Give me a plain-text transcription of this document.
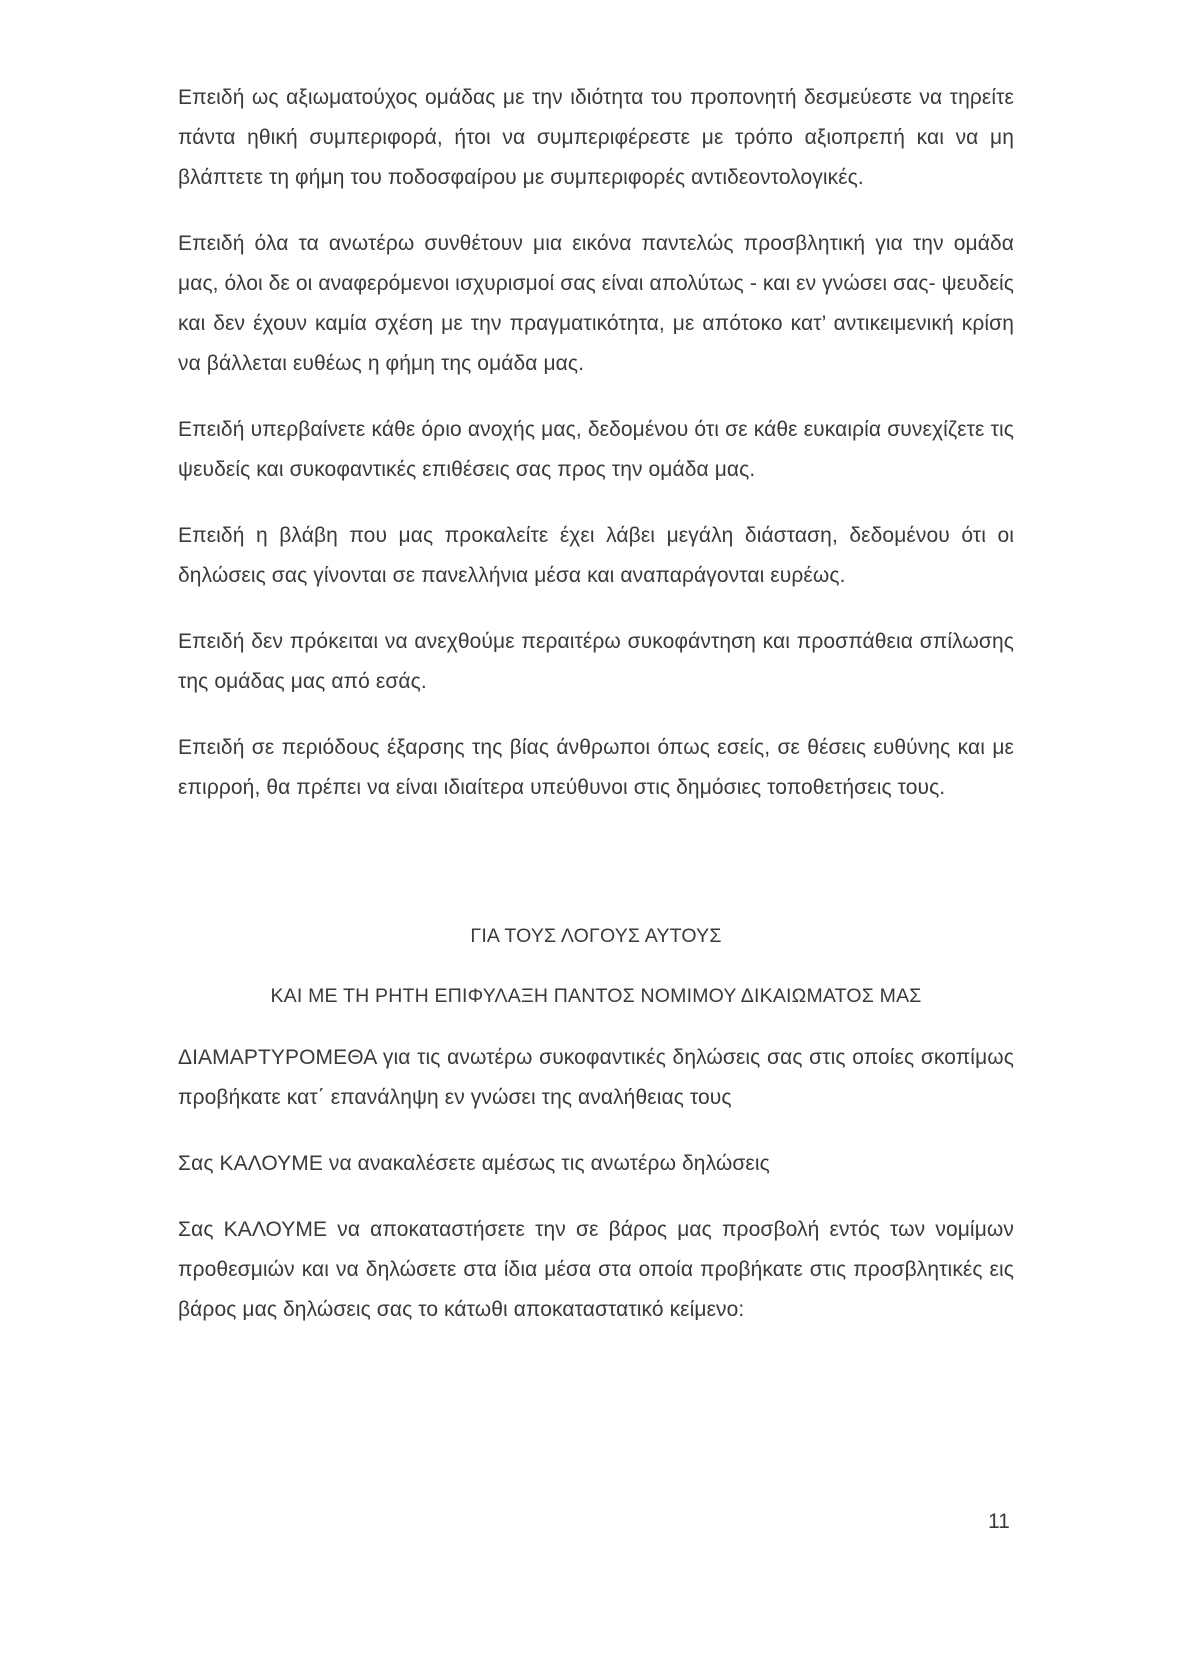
Επειδή ως αξιωματούχος ομάδας με την ιδιότητα του προπονητή δεσμεύεστε να τηρείτε πάντα ηθική συμπεριφορά, ήτοι να συμπεριφέρεστε με τρόπο αξιοπρεπή και να μη βλάπτετε τη φήμη του ποδοσφαίρου με συμπεριφορές αντιδεοντολογικές.

Επειδή όλα τα ανωτέρω συνθέτουν μια εικόνα παντελώς προσβλητική για την ομάδα μας, όλοι δε οι αναφερόμενοι ισχυρισμοί σας είναι απολύτως - και εν γνώσει σας- ψευδείς και δεν έχουν καμία σχέση με την πραγματικότητα, με απότοκο κατ’ αντικειμενική κρίση να βάλλεται ευθέως η φήμη της ομάδα μας.

Επειδή υπερβαίνετε κάθε όριο ανοχής μας, δεδομένου ότι σε κάθε ευκαιρία συνεχίζετε τις ψευδείς και συκοφαντικές επιθέσεις σας προς την ομάδα μας.

Επειδή η βλάβη που μας προκαλείτε έχει λάβει μεγάλη διάσταση, δεδομένου ότι οι δηλώσεις σας γίνονται σε πανελλήνια μέσα και αναπαράγονται ευρέως.

Επειδή δεν πρόκειται να ανεχθούμε περαιτέρω συκοφάντηση και προσπάθεια σπίλωσης της ομάδας μας από εσάς.

Επειδή σε περιόδους έξαρσης της βίας άνθρωποι όπως εσείς, σε θέσεις ευθύνης και με επιρροή, θα πρέπει να είναι ιδιαίτερα υπεύθυνοι στις δημόσιες τοποθετήσεις τους.

ΓΙΑ ΤΟΥΣ ΛΟΓΟΥΣ ΑΥΤΟΥΣ

ΚΑΙ ΜΕ ΤΗ ΡΗΤΗ ΕΠΙΦΥΛΑΞΗ ΠΑΝΤΟΣ ΝΟΜΙΜΟΥ ΔΙΚΑΙΩΜΑΤΟΣ ΜΑΣ

ΔΙΑΜΑΡΤΥΡΟΜΕΘΑ για τις ανωτέρω συκοφαντικές δηλώσεις σας στις οποίες σκοπίμως προβήκατε κατ΄ επανάληψη εν γνώσει της αναλήθειας τους

Σας ΚΑΛΟΥΜΕ να ανακαλέσετε αμέσως τις ανωτέρω δηλώσεις

Σας ΚΑΛΟΥΜΕ να αποκαταστήσετε την σε βάρος μας προσβολή εντός των νομίμων προθεσμιών και να δηλώσετε στα ίδια μέσα στα οποία προβήκατε στις προσβλητικές εις βάρος μας δηλώσεις σας το κάτωθι αποκαταστατικό κείμενο:

11
